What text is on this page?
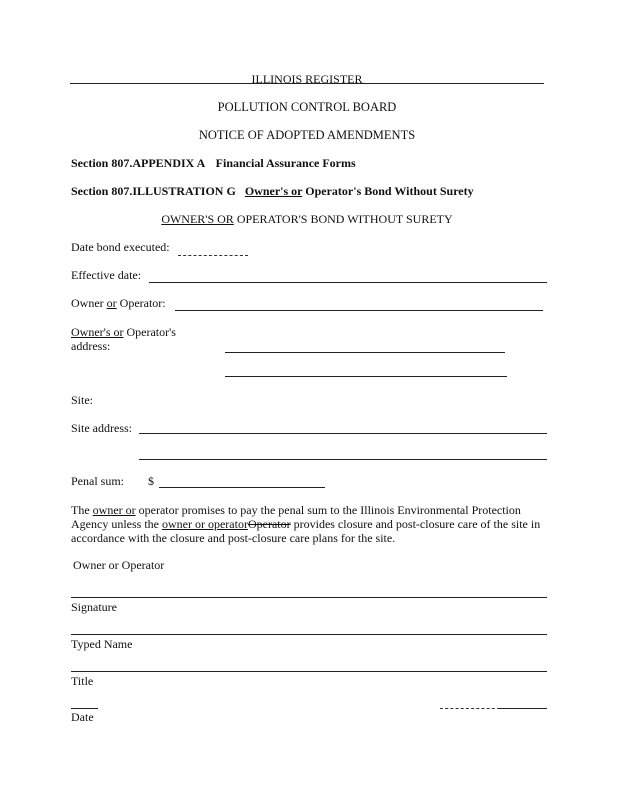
ILLINOIS REGISTER
POLLUTION CONTROL BOARD
NOTICE OF ADOPTED AMENDMENTS
Section 807.APPENDIX A Financial Assurance Forms
Section 807.ILLUSTRATION G Owner's or Operator's Bond Without Surety
OWNER'S OR OPERATOR'S BOND WITHOUT SURETY
Date bond executed:
Effective date:
Owner or Operator:
Owner's or Operator's
address:
Site:
Site address:
Penal sum: $
The owner or operator promises to pay the penal sum to the Illinois Environmental Protection Agency unless the owner or operatorOperator provides closure and post-closure care of the site in accordance with the closure and post-closure care plans for the site.
Owner or Operator
Signature
Typed Name
Title
Date
